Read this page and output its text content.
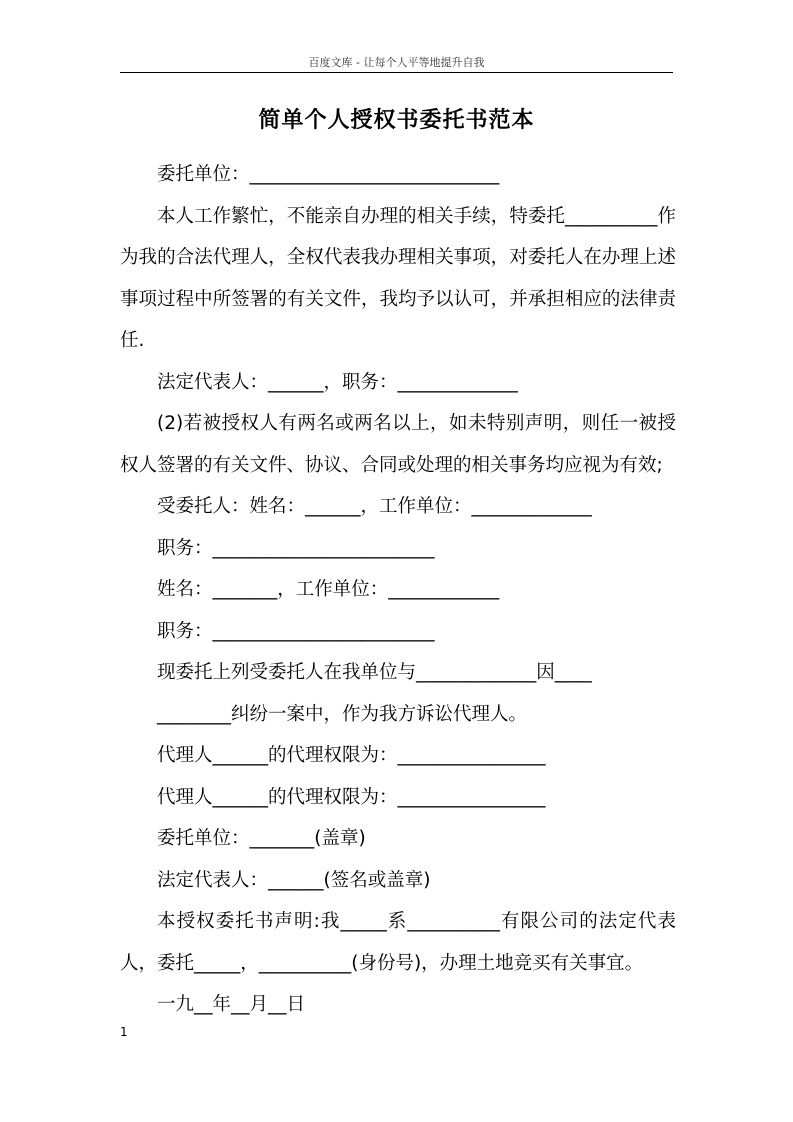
百度文库 - 让每个人平等地提升自我
简单个人授权书委托书范本

委托单位：___________________________

本人工作繁忙，不能亲自办理的相关手续，特委托__________作为我的合法代理人，全权代表我办理相关事项，对委托人在办理上述事项过程中所签署的有关文件，我均予以认可，并承担相应的法律责任.

法定代表人：______，职务：_____________

(2)若被授权人有两名或两名以上，如未特别声明，则任一被授权人签署的有关文件、协议、合同或处理的相关事务均应视为有效;

受委托人：姓名：______，工作单位：_____________

职务：________________________

姓名：_______，工作单位：____________

职务：________________________

现委托上列受委托人在我单位与_____________因____

________纠纷一案中，作为我方诉讼代理人。

代理人______的代理权限为：________________

代理人______的代理权限为：________________

委托单位：_______(盖章)

法定代表人：______(签名或盖章)

本授权委托书声明:我_____系__________有限公司的法定代表人，委托_____，__________(身份号)，办理土地竞买有关事宜。

一九__年__月__日

1
